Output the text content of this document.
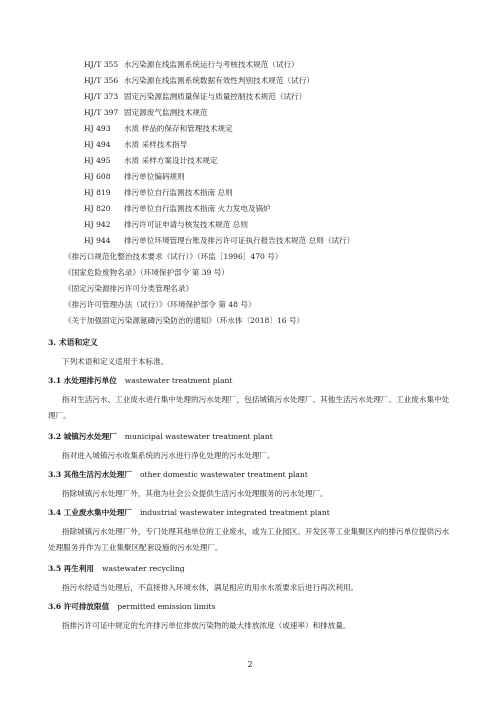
HJ/T 355 水污染源在线监测系统运行与考核技术规范（试行）
HJ/T 356 水污染源在线监测系统数据有效性判别技术规范（试行）
HJ/T 373 固定污染源监测质量保证与质量控制技术规范（试行）
HJ/T 397 固定源废气监测技术规范
HJ 493 水质 样品的保存和管理技术规定
HJ 494 水质 采样技术指导
HJ 495 水质 采样方案设计技术规定
HJ 608 排污单位编码规则
HJ 819 排污单位自行监测技术指南 总则
HJ 820 排污单位自行监测技术指南 火力发电及锅炉
HJ 942 排污许可证申请与核发技术规范 总则
HJ 944 排污单位环境管理台账及排污许可证执行报告技术规范 总则（试行）
《排污口规范化整治技术要求（试行）》（环监［1996］470 号）
《国家危险废物名录》（环境保护部令 第 39 号）
《固定污染源排污许可分类管理名录》
《排污许可管理办法（试行）》（环境保护部令 第 48 号）
《关于加强固定污染源氮磷污染防治的通知》（环水体〔2018〕16 号）
3. 术语和定义
下列术语和定义适用于本标准。
3.1 水处理排污单位 wastewater treatment plant
指对生活污水、工业废水进行集中处理的污水处理厂，包括城镇污水处理厂、其他生活污水处理厂、工业废水集中处理厂。
3.2 城镇污水处理厂 municipal wastewater treatment plant
指对进入城镇污水收集系统的污水进行净化处理的污水处理厂。
3.3 其他生活污水处理厂 other domestic wastewater treatment plant
指除城镇污水处理厂外，其他为社会公众提供生活污水处理服务的污水处理厂。
3.4 工业废水集中处理厂 industrial wastewater integrated treatment plant
指除城镇污水处理厂外，专门处理其他单位的工业废水，或为工业园区、开发区等工业集聚区内的排污单位提供污水处理服务并作为工业集聚区配套设施的污水处理厂。
3.5 再生利用 wastewater recycling
指污水经适当处理后，不直接排入环境水体，满足相应的用水水质要求后进行再次利用。
3.6 许可排放限值 permitted emission limits
指排污许可证中规定的允许排污单位排放污染物的最大排放浓度（或速率）和排放量。
2
